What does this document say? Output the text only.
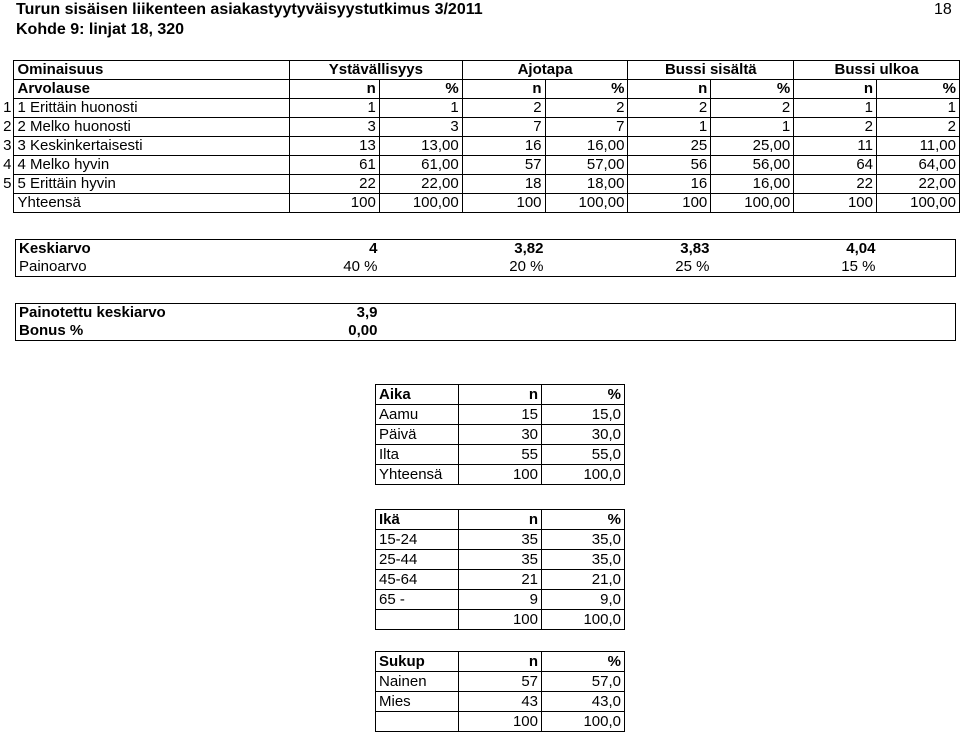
Turun sisäisen liikenteen asiakastyytyväisyystutkimus 3/2011
Kohde 9: linjat 18, 320
18
	Ominaisuus	Ystävällisyys		Ajotapa		Bussi sisältä		Bussi ulkoa	
	Arvolause	n	%	n	%	n	%	n	%
1	1 Erittäin huonosti	1	1	2	2	2	2	1	1
2	2 Melko huonosti	3	3	7	7	1	1	2	2
3	3 Keskinkertaisesti	13	13,00	16	16,00	25	25,00	11	11,00
4	4 Melko hyvin	61	61,00	57	57,00	56	56,00	64	64,00
5	5 Erittäin hyvin	22	22,00	18	18,00	16	16,00	22	22,00
	Yhteensä	100	100,00	100	100,00	100	100,00	100	100,00
Keskiarvo	4	3,82	3,83	4,04	
Painoarvo	40 %	20 %	25 %	15 %	
Painotettu keskiarvo	3,9	
Bonus %	0,00	
Aika	n	%
Aamu	15	15,0
Päivä	30	30,0
Ilta	55	55,0
Yhteensä	100	100,0
Ikä	n	%
15-24	35	35,0
25-44	35	35,0
45-64	21	21,0
65 -	9	9,0
	100	100,0
Sukup	n	%
Nainen	57	57,0
Mies	43	43,0
	100	100,0
